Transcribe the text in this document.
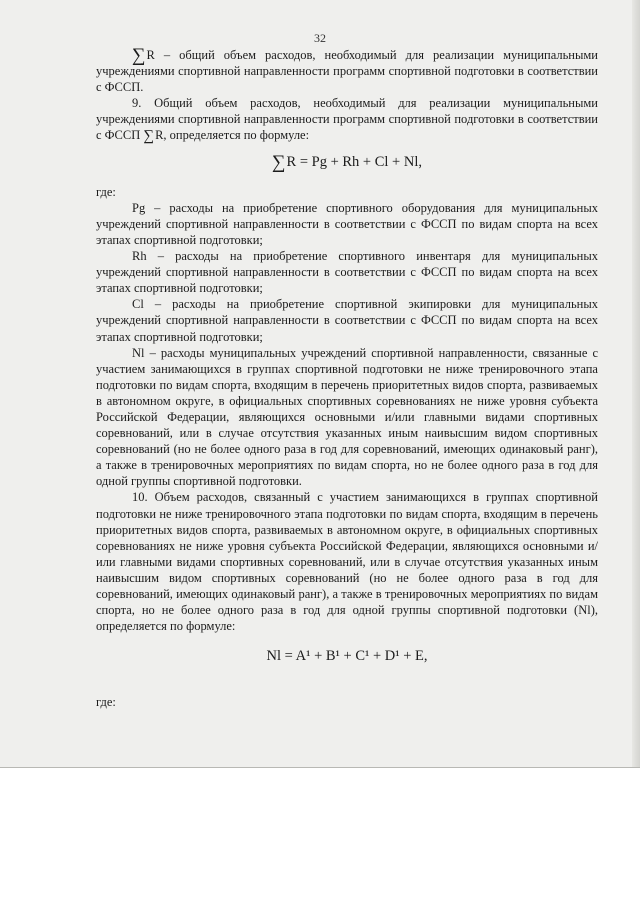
32

∑R – общий объем расходов, необходимый для реализации муниципальными учреждениями спортивной направленности программ спортивной подготовки в соответствии с ФССП.

9. Общий объем расходов, необходимый для реализации муниципальными учреждениями спортивной направленности программ спортивной подготовки в соответствии с ФССП ∑R, определяется по формуле:

∑R = Pg + Rh + Cl + Nl,

где:

Pg – расходы на приобретение спортивного оборудования для муниципальных учреждений спортивной направленности в соответствии с ФССП по видам спорта на всех этапах спортивной подготовки;

Rh – расходы на приобретение спортивного инвентаря для муниципальных учреждений спортивной направленности в соответствии с ФССП по видам спорта на всех этапах спортивной подготовки;

Cl – расходы на приобретение спортивной экипировки для муниципальных учреждений спортивной направленности в соответствии с ФССП по видам спорта на всех этапах спортивной подготовки;

Nl – расходы муниципальных учреждений спортивной направленности, связанные с участием занимающихся в группах спортивной подготовки не ниже тренировочного этапа подготовки по видам спорта, входящим в перечень приоритетных видов спорта, развиваемых в автономном округе, в официальных спортивных соревнованиях не ниже уровня субъекта Российской Федерации, являющихся основными и/или главными видами спортивных соревнований, или в случае отсутствия указанных иным наивысшим видом спортивных соревнований (но не более одного раза в год для соревнований, имеющих одинаковый ранг), а также в тренировочных мероприятиях по видам спорта, но не более одного раза в год для одной группы спортивной подготовки.

10. Объем расходов, связанный с участием занимающихся в группах спортивной подготовки не ниже тренировочного этапа подготовки по видам спорта, входящим в перечень приоритетных видов спорта, развиваемых в автономном округе, в официальных спортивных соревнованиях не ниже уровня субъекта Российской Федерации, являющихся основными и/или главными видами спортивных соревнований, или в случае отсутствия указанных иным наивысшим видом спортивных соревнований (но не более одного раза в год для соревнований, имеющих одинаковый ранг), а также в тренировочных мероприятиях по видам спорта, но не более одного раза в год для одной группы спортивной подготовки (Nl), определяется по формуле:

Nl = A¹ + B¹ + C¹ + D¹ + E,

где:
